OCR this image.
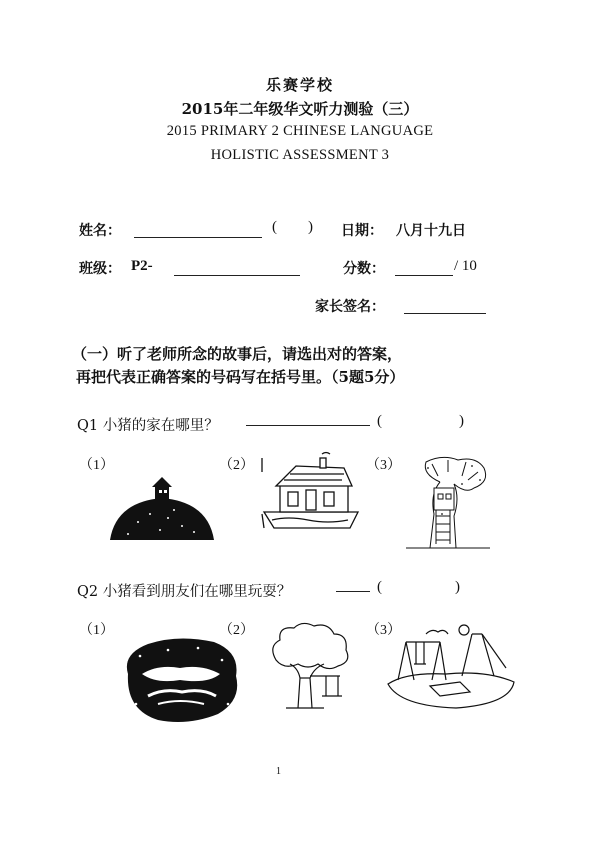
乐赛学校
2015年二年级华文听力测验（三）
2015 PRIMARY 2 CHINESE LANGUAGE
HOLISTIC ASSESSMENT 3
姓名：	( ) 日期： 八月十九日
班级： P2-	分数：	/ 10
家长签名：
（一）听了老师所念的故事后，请选出对的答案，
再把代表正确答案的号码写在括号里。（5题5分）
Q1 小猪的家在哪里？	(	)
（1）	（2）	（3）
Q2 小猪看到朋友们在哪里玩耍？	(	)
（1）	（2）	（3）
1
